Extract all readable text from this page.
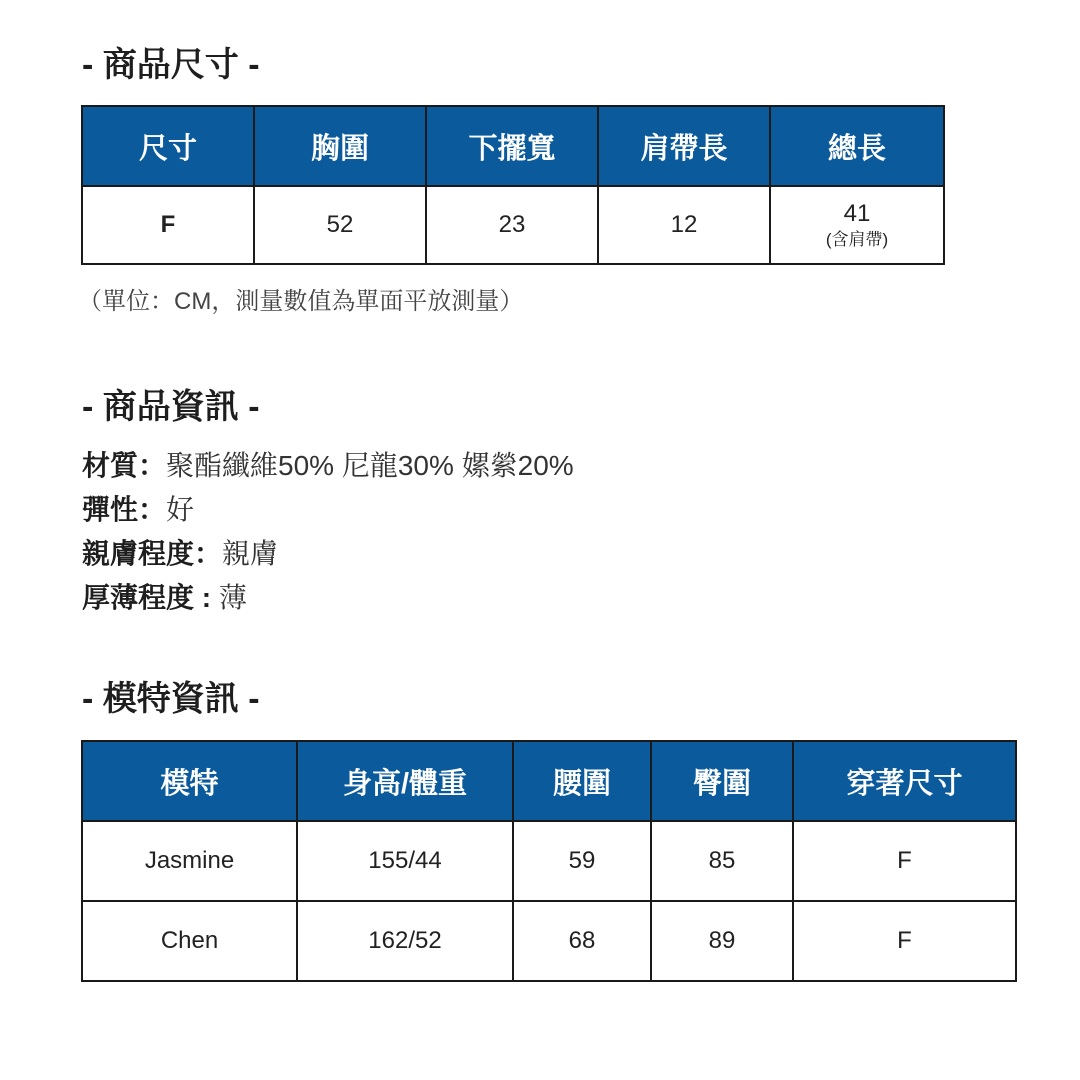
- 商品尺寸 -
尺寸	胸圍	下擺寬	肩帶長	總長
F	52	23	12	41
(含肩帶)
（單位：CM，測量數值為單面平放測量）
- 商品資訊 -
材質：聚酯纖維50% 尼龍30% 嫘縈20%
彈性：好
親膚程度：親膚
厚薄程度 : 薄
- 模特資訊 -
模特	身高/體重	腰圍	臀圍	穿著尺寸
Jasmine	155/44	59	85	F
Chen	162/52	68	89	F
